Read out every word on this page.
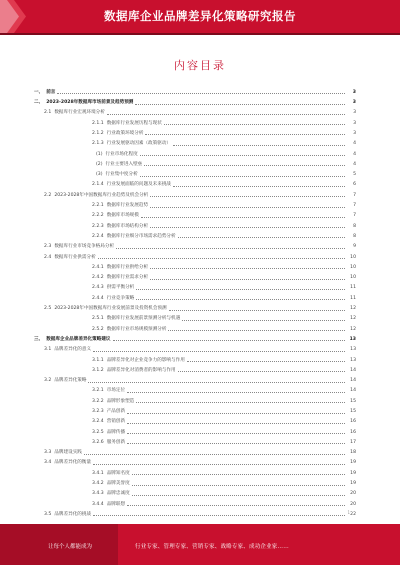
数据库企业品牌差异化策略研究报告
内容目录
一、 前言	3
二、 2023-2028年数据库市场前景及趋势预测	3
2.1 数据库行业宏观环境分析	3
2.1.1 数据库行业发展历程与现状	3
2.1.2 行业政策环境分析	3
2.1.3 行业发展驱动因素（政策驱动）	4
(1) 行业市场化程度	4
(2) 行业主要进入壁垒	4
(3) 行业集中度分析	5
2.1.4 行业发展面临的问题及未来挑战	6
2.2 2023-2028年中国数据库行业趋势及机会分析	7
2.2.1 数据库行业发展趋势	7
2.2.2 数据库市场规模	7
2.2.3 数据库市场结构分析	8
2.2.4 数据库行业细分市场需求趋势分析	8
2.3 数据库行业市场竞争格局分析	9
2.4 数据库行业供需分析	10
2.4.1 数据库行业供给分析	10
2.4.2 数据库行业需求分析	10
2.4.3 供需平衡分析	11
2.4.4 行业竞争策略	11
2.5 2023-2028年中国数据库行业发展前景及投资机会预测	12
2.5.1 数据库行业发展前景预测分析与机遇	12
2.5.2 数据库行业市场规模预测分析	12
三、 数据库企业品牌差异化策略建议	13
3.1 品牌差异化的意义	13
3.1.1 品牌差异化对企业竞争力的影响与作用	13
3.1.2 品牌差异化对消费者的影响与作用	14
3.2 品牌差异化策略	14
3.2.1 市场定位	14
3.2.2 品牌形象塑造	15
3.2.3 产品创新	15
3.2.4 营销创新	16
3.2.5 品牌传播	16
3.2.6 服务创新	17
3.3 品牌建设实践	18
3.4 品牌差异化的衡量	19
3.4.1 品牌知名度	19
3.4.2 品牌美誉度	19
3.4.3 品牌忠诚度	20
3.4.4 品牌联想	20
3.5 品牌差异化的挑战	22
1
让每个人都能成为	行业专家、管理专家、营销专家、战略专家、成功企业家……
